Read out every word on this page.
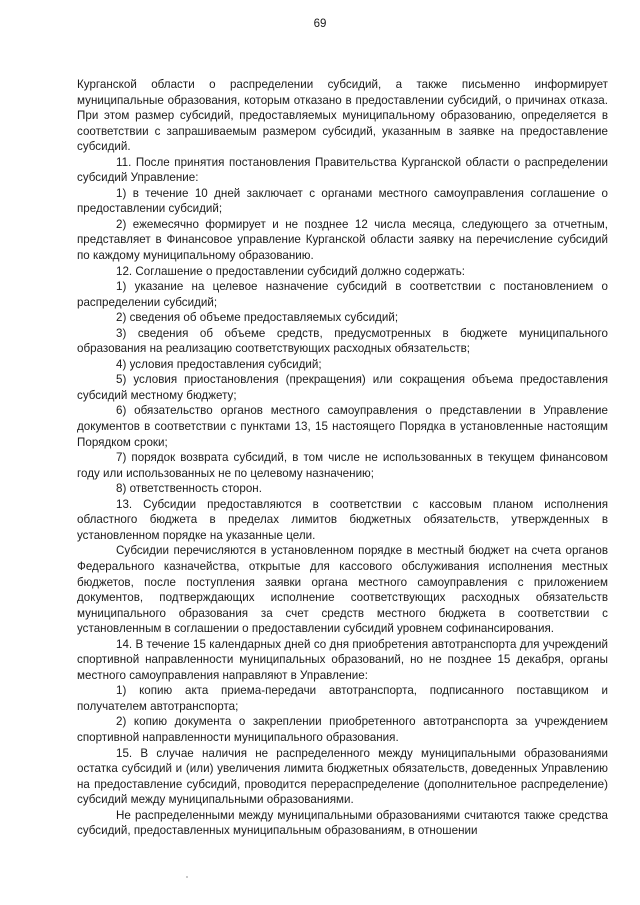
69

Курганской области о распределении субсидий, а также письменно информирует муниципальные образования, которым отказано в предоставлении субсидий, о причинах отказа. При этом размер субсидий, предоставляемых муниципальному образованию, определяется в соответствии с запрашиваемым размером субсидий, указанным в заявке на предоставление субсидий.

11. После принятия постановления Правительства Курганской области о распределении субсидий Управление:

1) в течение 10 дней заключает с органами местного самоуправления соглашение о предоставлении субсидий;

2) ежемесячно формирует и не позднее 12 числа месяца, следующего за отчетным, представляет в Финансовое управление Курганской области заявку на перечисление субсидий по каждому муниципальному образованию.

12. Соглашение о предоставлении субсидий должно содержать:

1) указание на целевое назначение субсидий в соответствии с постановлением о распределении субсидий;

2) сведения об объеме предоставляемых субсидий;

3) сведения об объеме средств, предусмотренных в бюджете муниципального образования на реализацию соответствующих расходных обязательств;

4) условия предоставления субсидий;

5) условия приостановления (прекращения) или сокращения объема предоставления субсидий местному бюджету;

6) обязательство органов местного самоуправления о представлении в Управление документов в соответствии с пунктами 13, 15 настоящего Порядка в установленные настоящим Порядком сроки;

7) порядок возврата субсидий, в том числе не использованных в текущем финансовом году или использованных не по целевому назначению;

8) ответственность сторон.

13. Субсидии предоставляются в соответствии с кассовым планом исполнения областного бюджета в пределах лимитов бюджетных обязательств, утвержденных в установленном порядке на указанные цели.

Субсидии перечисляются в установленном порядке в местный бюджет на счета органов Федерального казначейства, открытые для кассового обслуживания исполнения местных бюджетов, после поступления заявки органа местного самоуправления с приложением документов, подтверждающих исполнение соответствующих расходных обязательств муниципального образования за счет средств местного бюджета в соответствии с установленным в соглашении о предоставлении субсидий уровнем софинансирования.

14. В течение 15 календарных дней со дня приобретения автотранспорта для учреждений спортивной направленности муниципальных образований, но не позднее 15 декабря, органы местного самоуправления направляют в Управление:

1) копию акта приема-передачи автотранспорта, подписанного поставщиком и получателем автотранспорта;

2) копию документа о закреплении приобретенного автотранспорта за учреждением спортивной направленности муниципального образования.

15. В случае наличия не распределенного между муниципальными образованиями остатка субсидий и (или) увеличения лимита бюджетных обязательств, доведенных Управлению на предоставление субсидий, проводится перераспределение (дополнительное распределение) субсидий между муниципальными образованиями.

Не распределенными между муниципальными образованиями считаются также средства субсидий, предоставленных муниципальным образованиям, в отношении
